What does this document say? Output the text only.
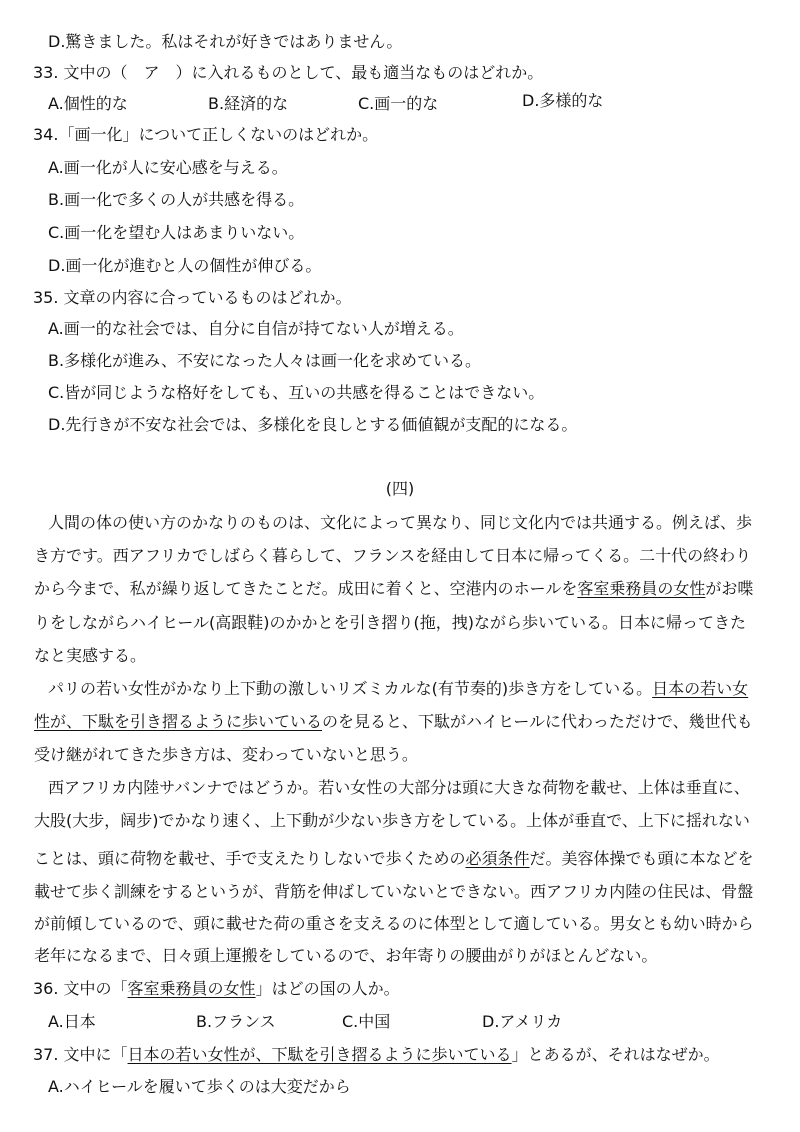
D.驚きました。私はそれが好きではありません。
33. 文中の（　ア　）に入れるものとして、最も適当なものはどれか。
A.個性的な	B.経済的な	C.画一的な	D.多様的な
34.「画一化」について正しくないのはどれか。
A.画一化が人に安心感を与える。
B.画一化で多くの人が共感を得る。
C.画一化を望む人はあまりいない。
D.画一化が進むと人の個性が伸びる。
35. 文章の内容に合っているものはどれか。
A.画一的な社会では、自分に自信が持てない人が増える。
B.多様化が進み、不安になった人々は画一化を求めている。
C.皆が同じような格好をしても、互いの共感を得ることはできない。
D.先行きが不安な社会では、多様化を良しとする価値観が支配的になる。
(四)
人間の体の使い方のかなりのものは、文化によって異なり、同じ文化内では共通する。例えば、歩
き方です。西アフリカでしばらく暮らして、フランスを経由して日本に帰ってくる。二十代の終わり
から今まで、私が繰り返してきたことだ。成田に着くと、空港内のホールを客室乗務員の女性がお喋
りをしながらハイヒール(高跟鞋)のかかとを引き摺り(拖，拽)ながら歩いている。日本に帰ってきた
なと実感する。
パリの若い女性がかなり上下動の激しいリズミカルな(有节奏的)歩き方をしている。日本の若い女
性が、下駄を引き摺るように歩いているのを見ると、下駄がハイヒールに代わっただけで、幾世代も
受け継がれてきた歩き方は、変わっていないと思う。
西アフリカ内陸サバンナではどうか。若い女性の大部分は頭に大きな荷物を載せ、上体は垂直に、
大股(大步，阔步)でかなり速く、上下動が少ない歩き方をしている。上体が垂直で、上下に揺れない
ことは、頭に荷物を載せ、手で支えたりしないで歩くための必須条件だ。美容体操でも頭に本などを
載せて歩く訓練をするというが、背筋を伸ばしていないとできない。西アフリカ内陸の住民は、骨盤
が前傾しているので、頭に載せた荷の重さを支えるのに体型として適している。男女とも幼い時から
老年になるまで、日々頭上運搬をしているので、お年寄りの腰曲がりがほとんどない。
36. 文中の「客室乗務員の女性」はどの国の人か。
A.日本	B.フランス	C.中国	D.アメリカ
37. 文中に「日本の若い女性が、下駄を引き摺るように歩いている」とあるが、それはなぜか。
A.ハイヒールを履いて歩くのは大変だから
